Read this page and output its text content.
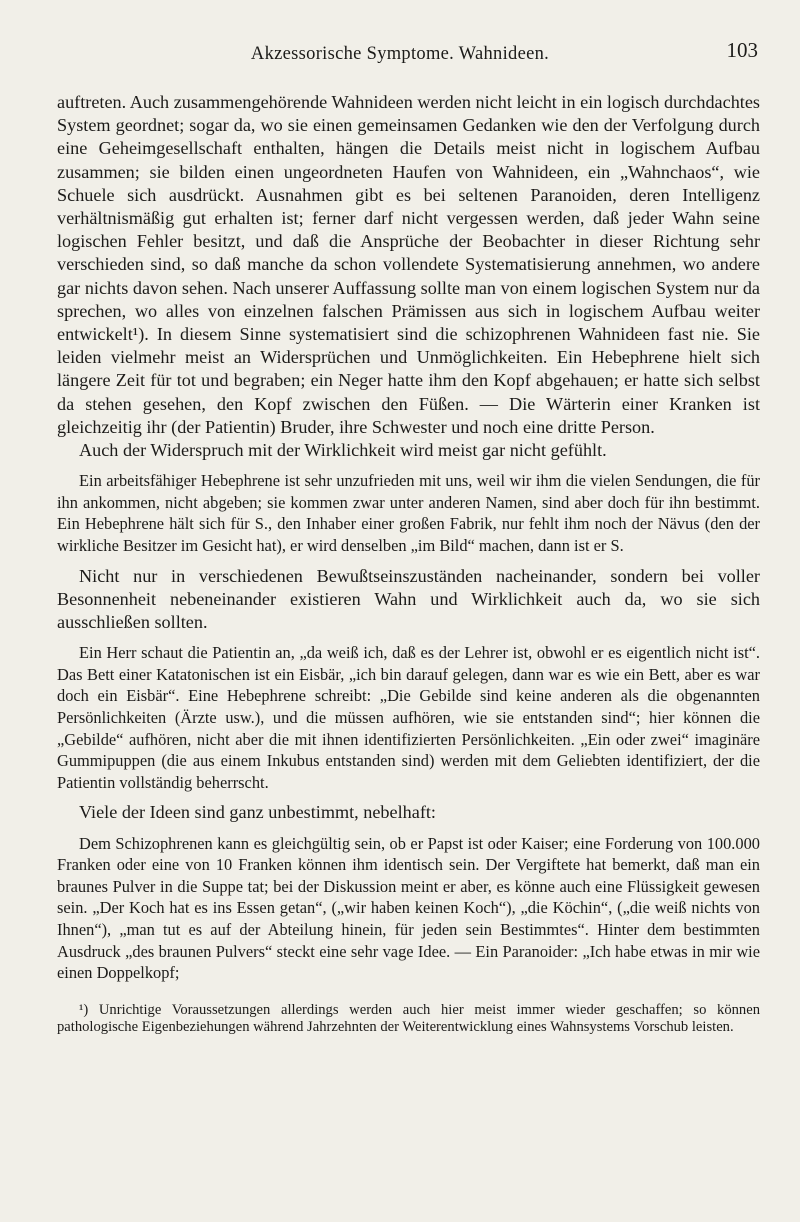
Akzessorische Symptome. Wahnideen.	103

auftreten. Auch zusammengehörende Wahnideen werden nicht leicht in ein logisch durchdachtes System geordnet; sogar da, wo sie einen gemeinsamen Gedanken wie den der Verfolgung durch eine Geheimgesellschaft enthalten, hängen die Details meist nicht in logischem Aufbau zusammen; sie bilden einen ungeordneten Haufen von Wahnideen, ein „Wahnchaos“, wie Schuele sich ausdrückt. Ausnahmen gibt es bei seltenen Paranoiden, deren Intelligenz verhältnismäßig gut erhalten ist; ferner darf nicht vergessen werden, daß jeder Wahn seine logischen Fehler besitzt, und daß die Ansprüche der Beobachter in dieser Richtung sehr verschieden sind, so daß manche da schon vollendete Systematisierung annehmen, wo andere gar nichts davon sehen. Nach unserer Auffassung sollte man von einem logischen System nur da sprechen, wo alles von einzelnen falschen Prämissen aus sich in logischem Aufbau weiter entwickelt¹). In diesem Sinne systematisiert sind die schizophrenen Wahnideen fast nie. Sie leiden vielmehr meist an Widersprüchen und Unmöglichkeiten. Ein Hebephrene hielt sich längere Zeit für tot und begraben; ein Neger hatte ihm den Kopf abgehauen; er hatte sich selbst da stehen gesehen, den Kopf zwischen den Füßen. — Die Wärterin einer Kranken ist gleichzeitig ihr (der Patientin) Bruder, ihre Schwester und noch eine dritte Person.

Auch der Widerspruch mit der Wirklichkeit wird meist gar nicht gefühlt.

Ein arbeitsfähiger Hebephrene ist sehr unzufrieden mit uns, weil wir ihm die vielen Sendungen, die für ihn ankommen, nicht abgeben; sie kommen zwar unter anderen Namen, sind aber doch für ihn bestimmt. Ein Hebephrene hält sich für S., den Inhaber einer großen Fabrik, nur fehlt ihm noch der Nävus (den der wirkliche Besitzer im Gesicht hat), er wird denselben „im Bild“ machen, dann ist er S.

Nicht nur in verschiedenen Bewußtseinszuständen nacheinander, sondern bei voller Besonnenheit nebeneinander existieren Wahn und Wirklichkeit auch da, wo sie sich ausschließen sollten.

Ein Herr schaut die Patientin an, „da weiß ich, daß es der Lehrer ist, obwohl er es eigentlich nicht ist“. Das Bett einer Katatonischen ist ein Eisbär, „ich bin darauf gelegen, dann war es wie ein Bett, aber es war doch ein Eisbär“. Eine Hebephrene schreibt: „Die Gebilde sind keine anderen als die obgenannten Persönlichkeiten (Ärzte usw.), und die müssen aufhören, wie sie entstanden sind“; hier können die „Gebilde“ aufhören, nicht aber die mit ihnen identifizierten Persönlichkeiten. „Ein oder zwei“ imaginäre Gummipuppen (die aus einem Inkubus entstanden sind) werden mit dem Geliebten identifiziert, der die Patientin vollständig beherrscht.

Viele der Ideen sind ganz unbestimmt, nebelhaft:

Dem Schizophrenen kann es gleichgültig sein, ob er Papst ist oder Kaiser; eine Forderung von 100.000 Franken oder eine von 10 Franken können ihm identisch sein. Der Vergiftete hat bemerkt, daß man ein braunes Pulver in die Suppe tat; bei der Diskussion meint er aber, es könne auch eine Flüssigkeit gewesen sein. „Der Koch hat es ins Essen getan“, („wir haben keinen Koch“), „die Köchin“, („die weiß nichts von Ihnen“), „man tut es auf der Abteilung hinein, für jeden sein Bestimmtes“. Hinter dem bestimmten Ausdruck „des braunen Pulvers“ steckt eine sehr vage Idee. — Ein Paranoider: „Ich habe etwas in mir wie einen Doppelkopf;

¹) Unrichtige Voraussetzungen allerdings werden auch hier meist immer wieder geschaffen; so können pathologische Eigenbeziehungen während Jahrzehnten der Weiterentwicklung eines Wahnsystems Vorschub leisten.
